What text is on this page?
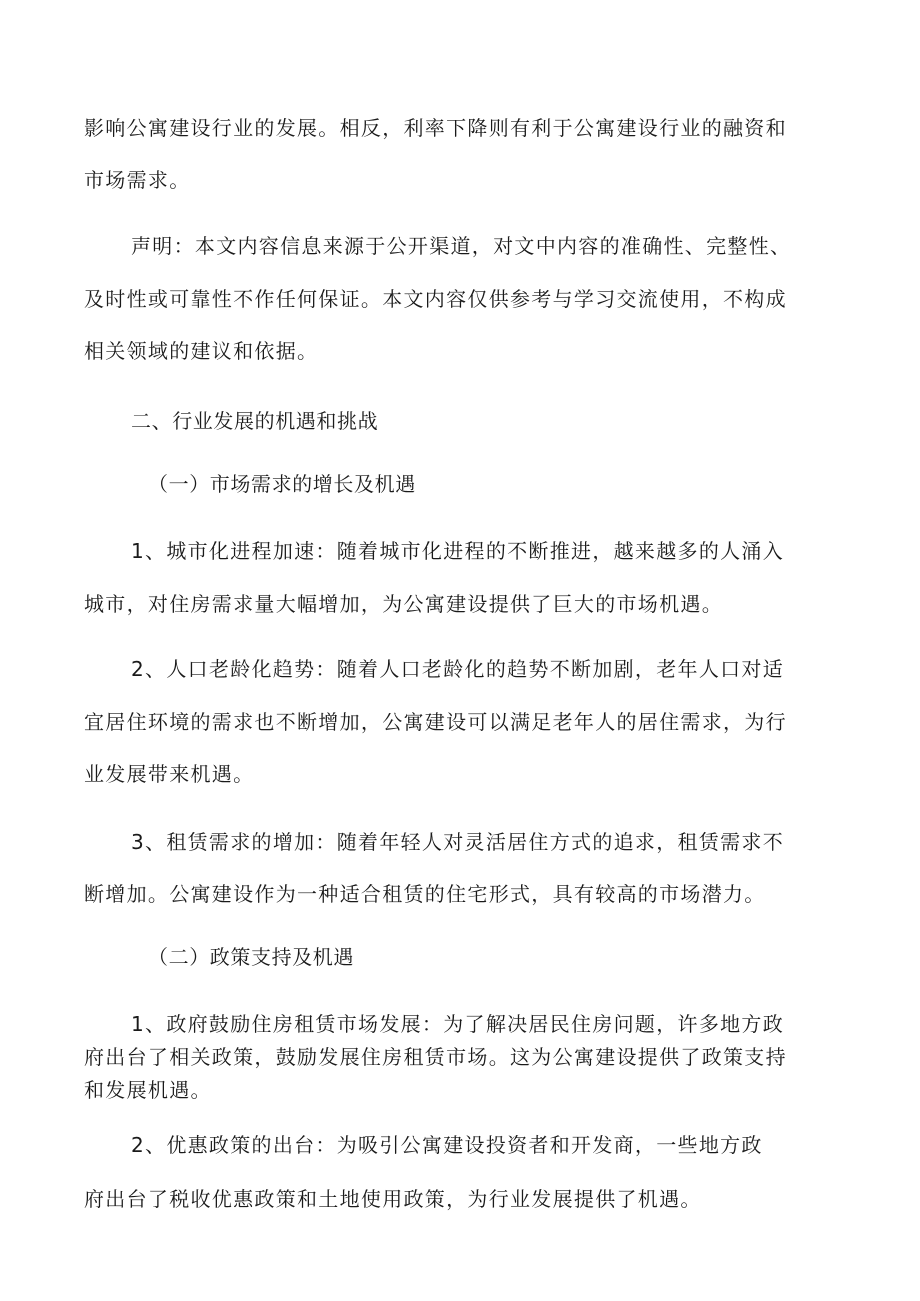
影响公寓建设行业的发展。相反，利率下降则有利于公寓建设行业的融资和
市场需求。
声明：本文内容信息来源于公开渠道，对文中内容的准确性、完整性、
及时性或可靠性不作任何保证。本文内容仅供参考与学习交流使用，不构成
相关领域的建议和依据。
二、行业发展的机遇和挑战
（一）市场需求的增长及机遇
1、城市化进程加速：随着城市化进程的不断推进，越来越多的人涌入
城市，对住房需求量大幅增加，为公寓建设提供了巨大的市场机遇。
2、人口老龄化趋势：随着人口老龄化的趋势不断加剧，老年人口对适
宜居住环境的需求也不断增加，公寓建设可以满足老年人的居住需求，为行
业发展带来机遇。
3、租赁需求的增加：随着年轻人对灵活居住方式的追求，租赁需求不
断增加。公寓建设作为一种适合租赁的住宅形式，具有较高的市场潜力。
（二）政策支持及机遇
1、政府鼓励住房租赁市场发展：为了解决居民住房问题，许多地方政
府出台了相关政策，鼓励发展住房租赁市场。这为公寓建设提供了政策支持
和发展机遇。
2、优惠政策的出台：为吸引公寓建设投资者和开发商，一些地方政
府出台了税收优惠政策和土地使用政策，为行业发展提供了机遇。
